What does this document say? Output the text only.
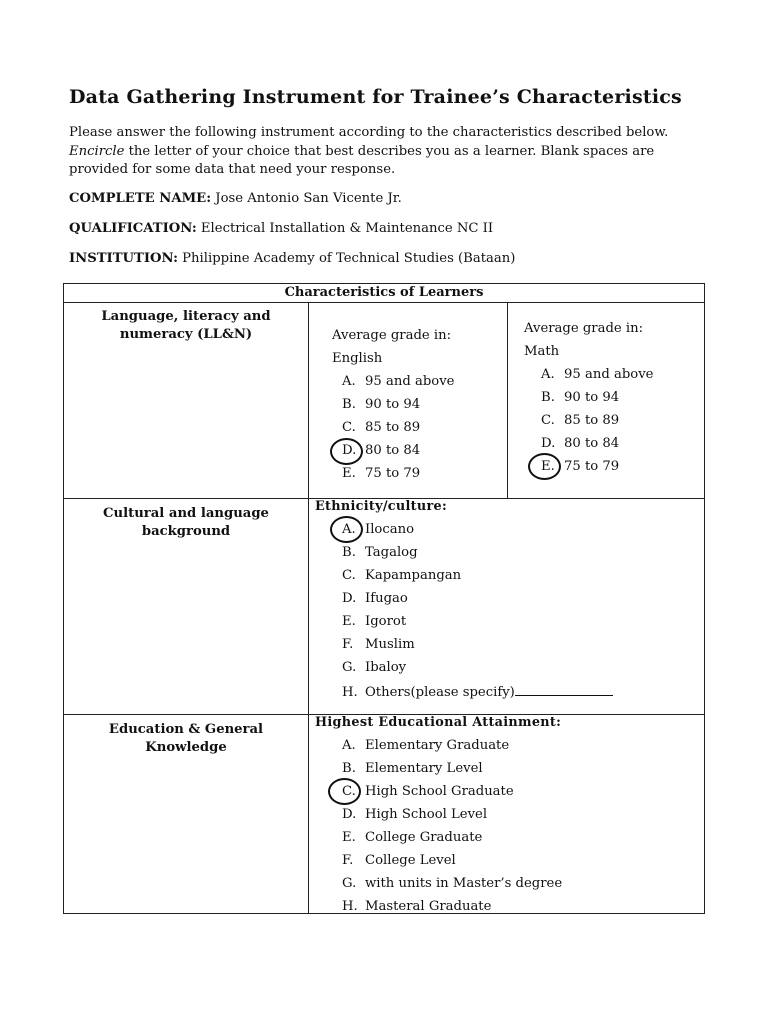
Data Gathering Instrument for Trainee’s Characteristics
Please answer the following instrument according to the characteristics described below.
Encircle the letter of your choice that best describes you as a learner. Blank spaces are
provided for some data that need your response.
COMPLETE NAME: Jose Antonio San Vicente Jr.
QUALIFICATION: Electrical Installation & Maintenance NC II
INSTITUTION: Philippine Academy of Technical Studies (Bataan)
Characteristics of Learners
Language, literacy and
numeracy (LL&N)	Average grade in:
English
A. 95 and above
B. 90 to 94
C. 85 to 89
D. 80 to 84
E. 75 to 79
Average grade in:
Math
A. 95 and above
B. 90 to 94
C. 85 to 89
D. 80 to 84
E. 75 to 79
Cultural and language
background
Ethnicity/culture:
A. Ilocano
B. Tagalog
C. Kapampangan
D. Ifugao
E. Igorot
F. Muslim
G. Ibaloy
H. Others(please specify)
Education & General
Knowledge
Highest Educational Attainment:
A. Elementary Graduate
B. Elementary Level
C. High School Graduate
D. High School Level
E. College Graduate
F. College Level
G. with units in Master’s degree
H. Masteral Graduate
